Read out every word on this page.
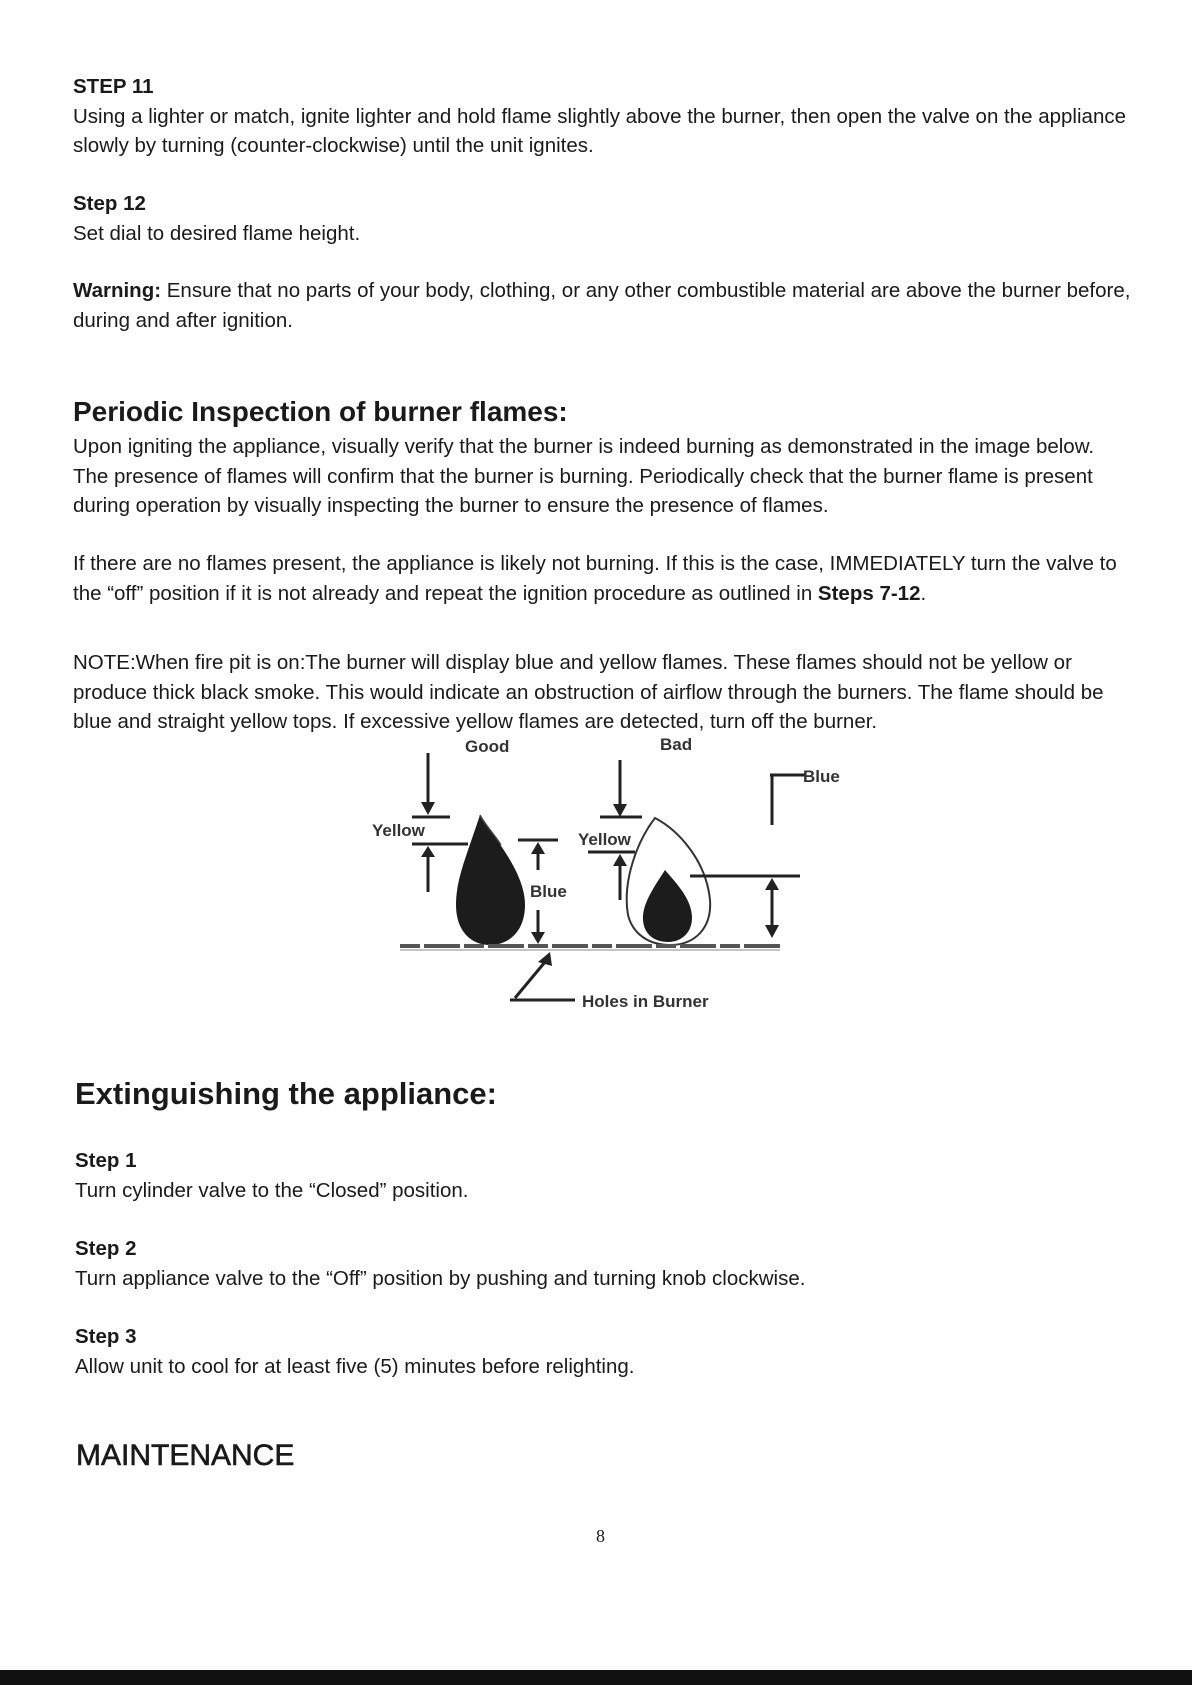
STEP 11

Using a lighter or match, ignite lighter and hold flame slightly above the burner, then open the valve on the appliance slowly by turning (counter-clockwise) until the unit ignites.

Step 12

Set dial to desired flame height.

Warning: Ensure that no parts of your body, clothing, or any other combustible material are above the burner before, during and after ignition.

Periodic Inspection of burner flames:

Upon igniting the appliance, visually verify that the burner is indeed burning as demonstrated in the image below. The presence of flames will confirm that the burner is burning. Periodically check that the burner flame is present during operation by visually inspecting the burner to ensure the presence of flames.

If there are no flames present, the appliance is likely not burning. If this is the case, IMMEDIATELY turn the valve to the “off” position if it is not already and repeat the ignition procedure as outlined in Steps 7-12.

NOTE:When fire pit is on:The burner will display blue and yellow flames. These flames should not be yellow or produce thick black smoke. This would indicate an obstruction of airflow through the burners. The flame should be blue and straight yellow tops. If excessive yellow flames are detected, turn off the burner.

Good	Bad
Yellow
Blue
Yellow
Blue
Holes in Burner
Extinguishing the appliance:
Step 1

Turn cylinder valve to the “Closed” position.

Step 2

Turn appliance valve to the “Off” position by pushing and turning knob clockwise.

Step 3

Allow unit to cool for at least five (5) minutes before relighting.

MAINTENANCE
8
